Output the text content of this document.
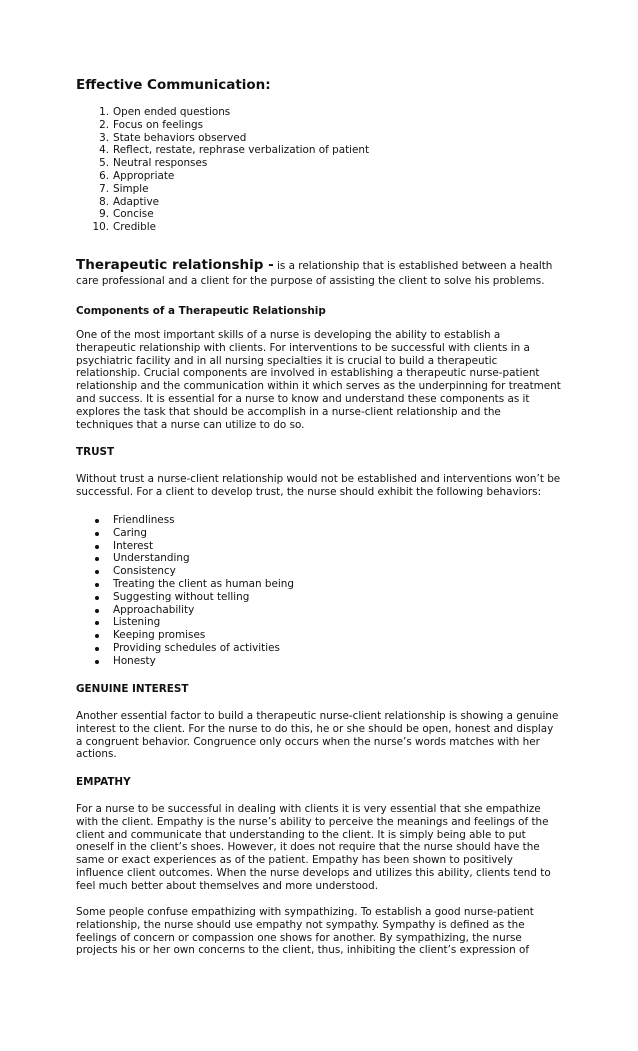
Effective Communication:
1. Open ended questions
2. Focus on feelings
3. State behaviors observed
4. Reflect, restate, rephrase verbalization of patient
5. Neutral responses
6. Appropriate
7. Simple
8. Adaptive
9. Concise
10. Credible
Therapeutic relationship - is a relationship that is established between a health
care professional and a client for the purpose of assisting the client to solve his problems.
Components of a Therapeutic Relationship
One of the most important skills of a nurse is developing the ability to establish a
therapeutic relationship with clients. For interventions to be successful with clients in a
psychiatric facility and in all nursing specialties it is crucial to build a therapeutic
relationship. Crucial components are involved in establishing a therapeutic nurse-patient
relationship and the communication within it which serves as the underpinning for treatment
and success. It is essential for a nurse to know and understand these components as it
explores the task that should be accomplish in a nurse-client relationship and the
techniques that a nurse can utilize to do so.
TRUST
Without trust a nurse-client relationship would not be established and interventions won’t be
successful. For a client to develop trust, the nurse should exhibit the following behaviors:
Friendliness
Caring
Interest
Understanding
Consistency
Treating the client as human being
Suggesting without telling
Approachability
Listening
Keeping promises
Providing schedules of activities
Honesty
GENUINE INTEREST
Another essential factor to build a therapeutic nurse-client relationship is showing a genuine
interest to the client. For the nurse to do this, he or she should be open, honest and display
a congruent behavior. Congruence only occurs when the nurse’s words matches with her
actions.
EMPATHY
For a nurse to be successful in dealing with clients it is very essential that she empathize
with the client. Empathy is the nurse’s ability to perceive the meanings and feelings of the
client and communicate that understanding to the client. It is simply being able to put
oneself in the client’s shoes. However, it does not require that the nurse should have the
same or exact experiences as of the patient. Empathy has been shown to positively
influence client outcomes. When the nurse develops and utilizes this ability, clients tend to
feel much better about themselves and more understood.
Some people confuse empathizing with sympathizing. To establish a good nurse-patient
relationship, the nurse should use empathy not sympathy. Sympathy is defined as the
feelings of concern or compassion one shows for another. By sympathizing, the nurse
projects his or her own concerns to the client, thus, inhibiting the client’s expression of
